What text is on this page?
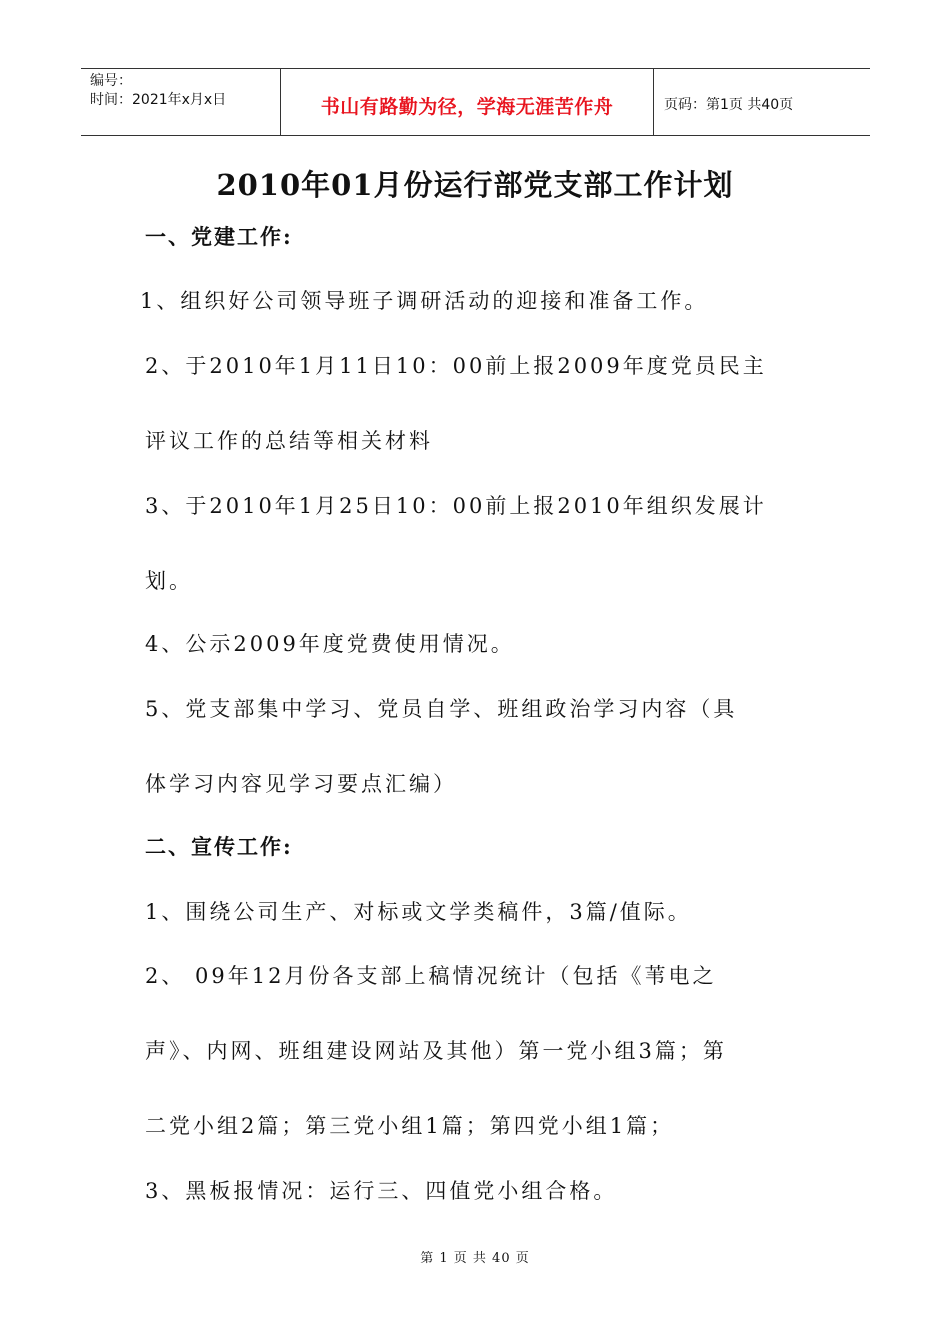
编号：
时间：2021年x月x日	书山有路勤为径，学海无涯苦作舟	页码：第1页 共40页
2010年01月份运行部党支部工作计划
一、党建工作:

1、组织好公司领导班子调研活动的迎接和准备工作。

2、于2010年1月11日10：00前上报2009年度党员民主

评议工作的总结等相关材料

3、于2010年1月25日10：00前上报2010年组织发展计

划。

4、公示2009年度党费使用情况。

5、党支部集中学习、党员自学、班组政治学习内容（具

体学习内容见学习要点汇编）

二、宣传工作:

1、围绕公司生产、对标或文学类稿件，3篇/值际。

2、 09年12月份各支部上稿情况统计（包括《苇电之

声》、内网、班组建设网站及其他）第一党小组3篇；第

二党小组2篇；第三党小组1篇；第四党小组1篇；

3、黑板报情况：运行三、四值党小组合格。

第 1 页 共 40 页
